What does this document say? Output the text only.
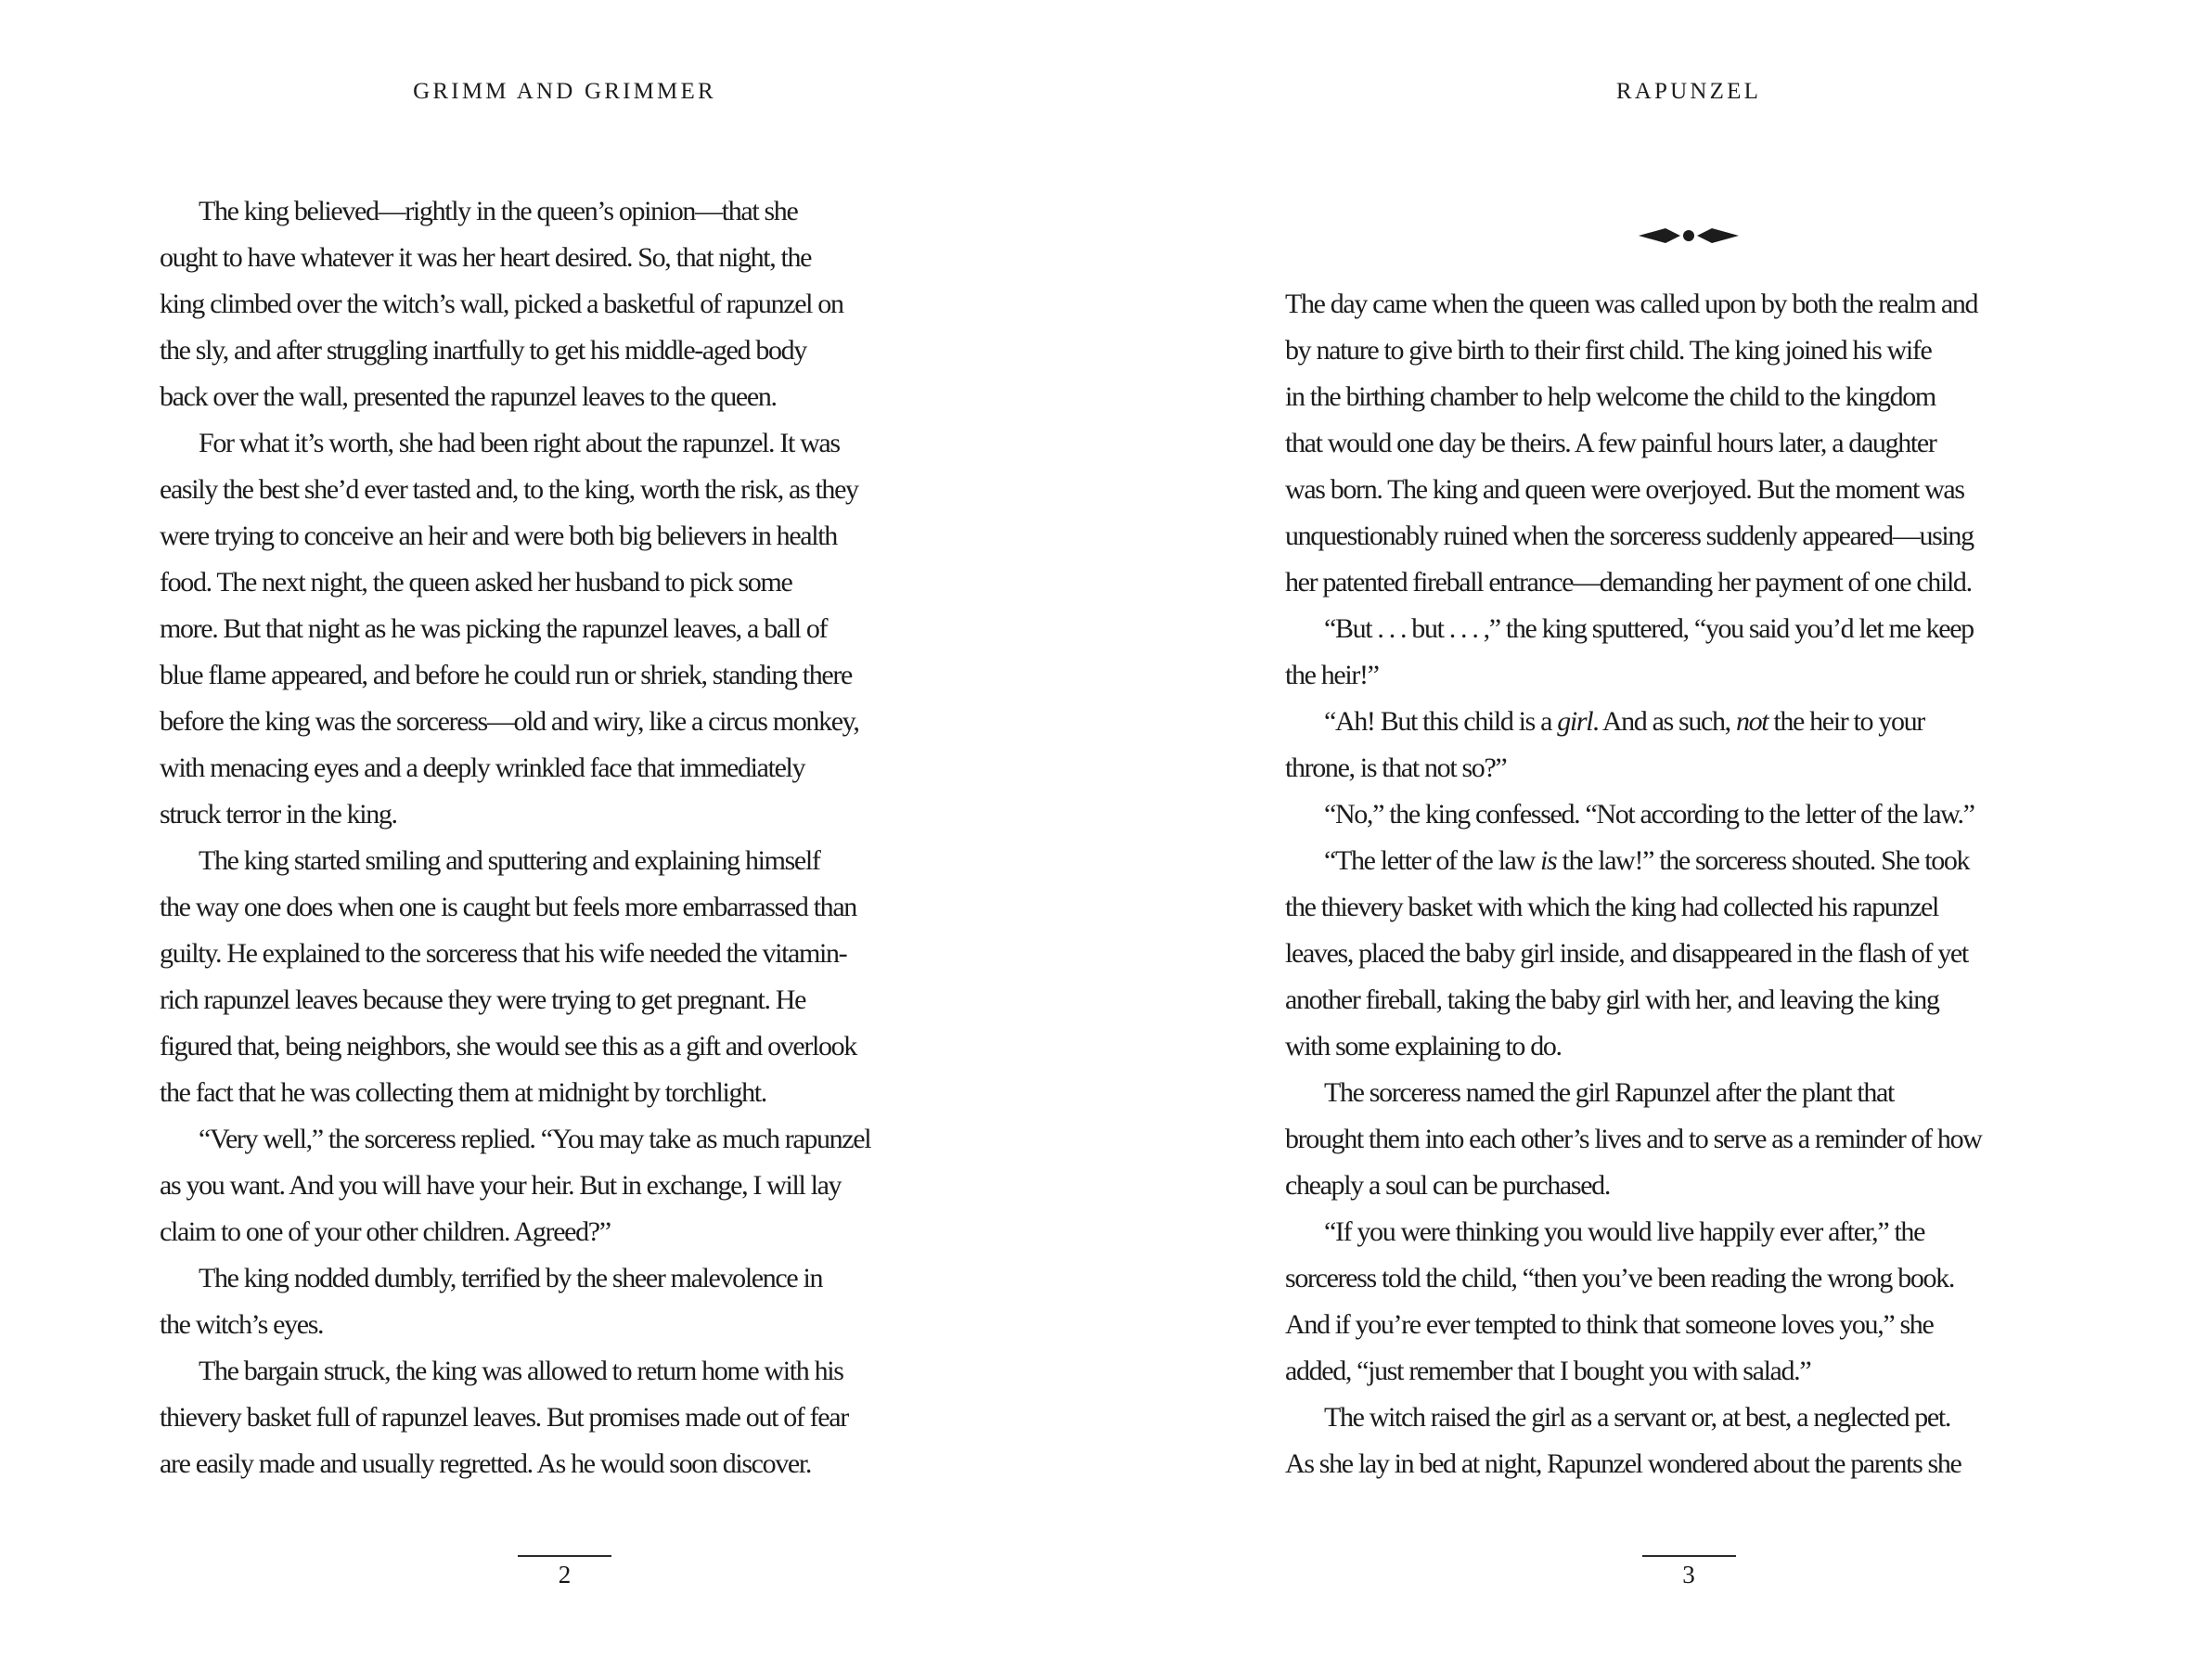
GRIMM AND GRIMMER
The king believed—rightly in the queen’s opinion—that she
ought to have whatever it was her heart desired. So, that night, the
king climbed over the witch’s wall, picked a basketful of rapunzel on
the sly, and after struggling inartfully to get his middle-aged body
back over the wall, presented the rapunzel leaves to the queen.
For what it’s worth, she had been right about the rapunzel. It was
easily the best she’d ever tasted and, to the king, worth the risk, as they
were trying to conceive an heir and were both big believers in health
food. The next night, the queen asked her husband to pick some
more. But that night as he was picking the rapunzel leaves, a ball of
blue flame appeared, and before he could run or shriek, standing there
before the king was the sorceress—old and wiry, like a circus monkey,
with menacing eyes and a deeply wrinkled face that immediately
struck terror in the king.
The king started smiling and sputtering and explaining himself
the way one does when one is caught but feels more embarrassed than
guilty. He explained to the sorceress that his wife needed the vitamin-
rich rapunzel leaves because they were trying to get pregnant. He
figured that, being neighbors, she would see this as a gift and overlook
the fact that he was collecting them at midnight by torchlight.
“Very well,” the sorceress replied. “You may take as much rapunzel
as you want. And you will have your heir. But in exchange, I will lay
claim to one of your other children. Agreed?”
The king nodded dumbly, terrified by the sheer malevolence in
the witch’s eyes.
The bargain struck, the king was allowed to return home with his
thievery basket full of rapunzel leaves. But promises made out of fear
are easily made and usually regretted. As he would soon discover.
2
RAPUNZEL
The day came when the queen was called upon by both the realm and
by nature to give birth to their first child. The king joined his wife
in the birthing chamber to help welcome the child to the kingdom
that would one day be theirs. A few painful hours later, a daughter
was born. The king and queen were overjoyed. But the moment was
unquestionably ruined when the sorceress suddenly appeared—using
her patented fireball entrance—demanding her payment of one child.
“But . . . but . . . ,” the king sputtered, “you said you’d let me keep
the heir!”
“Ah! But this child is a girl. And as such, not the heir to your
throne, is that not so?”
“No,” the king confessed. “Not according to the letter of the law.”
“The letter of the law is the law!” the sorceress shouted. She took
the thievery basket with which the king had collected his rapunzel
leaves, placed the baby girl inside, and disappeared in the flash of yet
another fireball, taking the baby girl with her, and leaving the king
with some explaining to do.
The sorceress named the girl Rapunzel after the plant that
brought them into each other’s lives and to serve as a reminder of how
cheaply a soul can be purchased.
“If you were thinking you would live happily ever after,” the
sorceress told the child, “then you’ve been reading the wrong book.
And if you’re ever tempted to think that someone loves you,” she
added, “just remember that I bought you with salad.”
The witch raised the girl as a servant or, at best, a neglected pet.
As she lay in bed at night, Rapunzel wondered about the parents she
3
